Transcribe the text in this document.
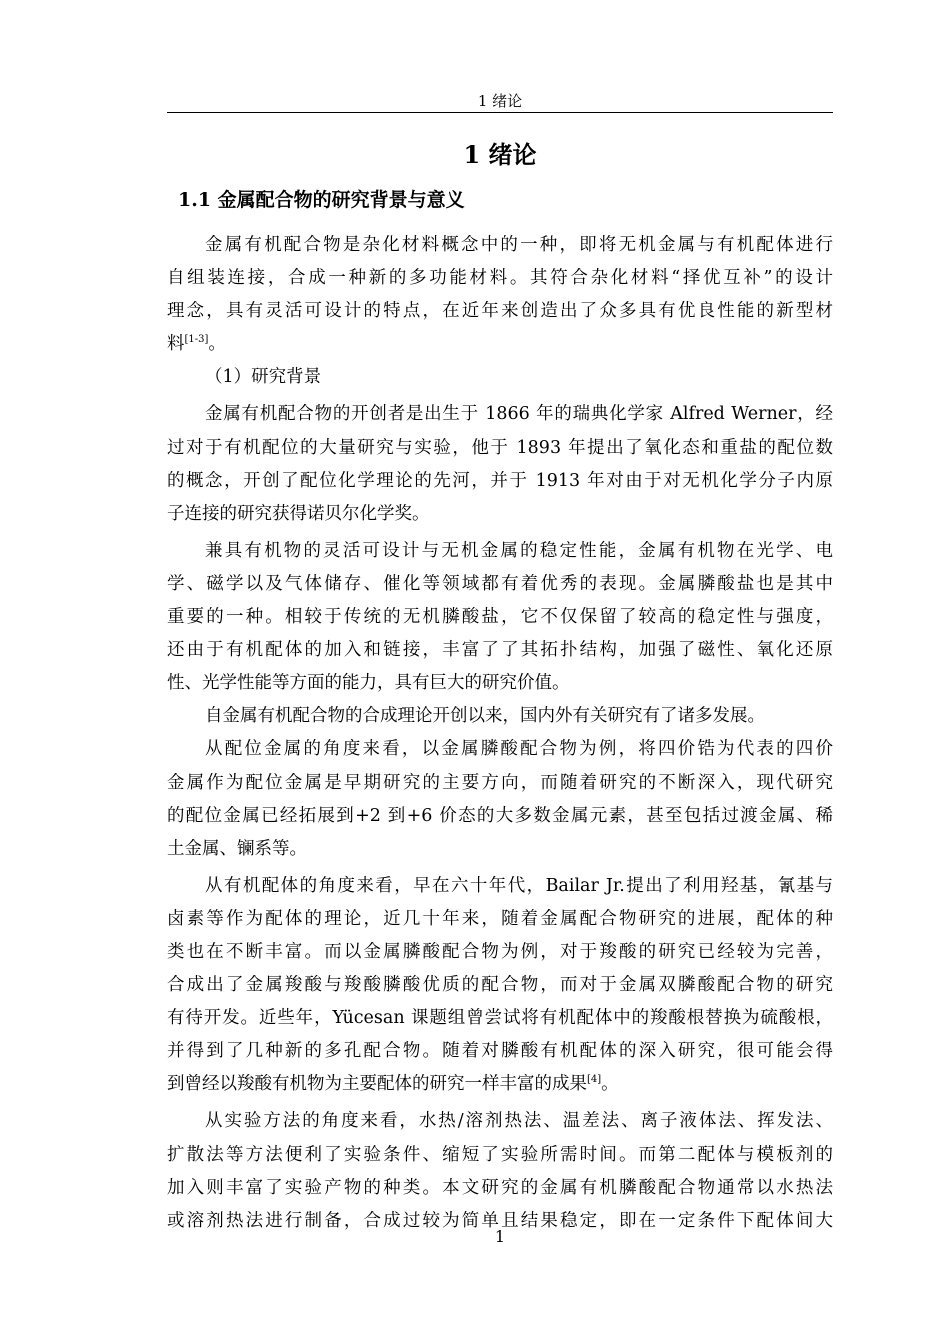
1 绪论
1 绪论
1.1 金属配合物的研究背景与意义
金属有机配合物是杂化材料概念中的一种，即将无机金属与有机配体进行
自组装连接，合成一种新的多功能材料。其符合杂化材料“择优互补”的设计
理念，具有灵活可设计的特点，在近年来创造出了众多具有优良性能的新型材
料[1-3]。
（1）研究背景
金属有机配合物的开创者是出生于 1866 年的瑞典化学家 Alfred Werner，经
过对于有机配位的大量研究与实验，他于 1893 年提出了氧化态和重盐的配位数
的概念，开创了配位化学理论的先河，并于 1913 年对由于对无机化学分子内原
子连接的研究获得诺贝尔化学奖。
兼具有机物的灵活可设计与无机金属的稳定性能，金属有机物在光学、电
学、磁学以及气体储存、催化等领域都有着优秀的表现。金属膦酸盐也是其中
重要的一种。相较于传统的无机膦酸盐，它不仅保留了较高的稳定性与强度，
还由于有机配体的加入和链接，丰富了了其拓扑结构，加强了磁性、氧化还原
性、光学性能等方面的能力，具有巨大的研究价值。
自金属有机配合物的合成理论开创以来，国内外有关研究有了诸多发展。
从配位金属的角度来看，以金属膦酸配合物为例，将四价锆为代表的四价
金属作为配位金属是早期研究的主要方向，而随着研究的不断深入，现代研究
的配位金属已经拓展到+2 到+6 价态的大多数金属元素，甚至包括过渡金属、稀
土金属、镧系等。
从有机配体的角度来看，早在六十年代，Bailar Jr.提出了利用羟基，氰基与
卤素等作为配体的理论，近几十年来，随着金属配合物研究的进展，配体的种
类也在不断丰富。而以金属膦酸配合物为例，对于羧酸的研究已经较为完善，
合成出了金属羧酸与羧酸膦酸优质的配合物，而对于金属双膦酸配合物的研究
有待开发。近些年，Yücesan 课题组曾尝试将有机配体中的羧酸根替换为硫酸根，
并得到了几种新的多孔配合物。随着对膦酸有机配体的深入研究，很可能会得
到曾经以羧酸有机物为主要配体的研究一样丰富的成果[4]。
从实验方法的角度来看，水热/溶剂热法、温差法、离子液体法、挥发法、
扩散法等方法便利了实验条件、缩短了实验所需时间。而第二配体与模板剂的
加入则丰富了实验产物的种类。本文研究的金属有机膦酸配合物通常以水热法
或溶剂热法进行制备，合成过较为简单且结果稳定，即在一定条件下配体间大
1
